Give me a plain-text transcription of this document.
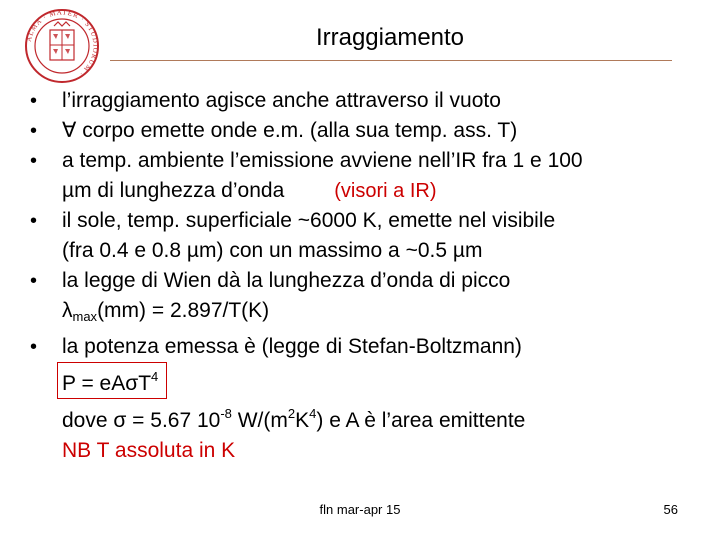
ALMA · MATER · STUDIORUM ·
Irraggiamento
• l’irraggiamento agisce anche attraverso il vuoto
• ∀ corpo emette onde e.m. (alla sua temp. ass. T)
• a temp. ambiente l’emissione avviene nell’IR fra 1 e 100
µm di lunghezza d’onda	(visori a IR)
• il sole, temp. superficiale ~6000 K, emette nel visibile
(fra 0.4 e 0.8 µm) con un massimo a ~0.5 µm
• la legge di Wien dà la lunghezza d’onda di picco
$\lambda_{max}(mm) = 2.897/T(K)$
• la potenza emessa è (legge di Stefan-Boltzmann)
P = eAσT$^4$
dove σ = 5.67 $10^{-8}$ $W/(m^2K^4)$ e A è l’area emittente
NB T assoluta in K
fln mar-apr 15	56
